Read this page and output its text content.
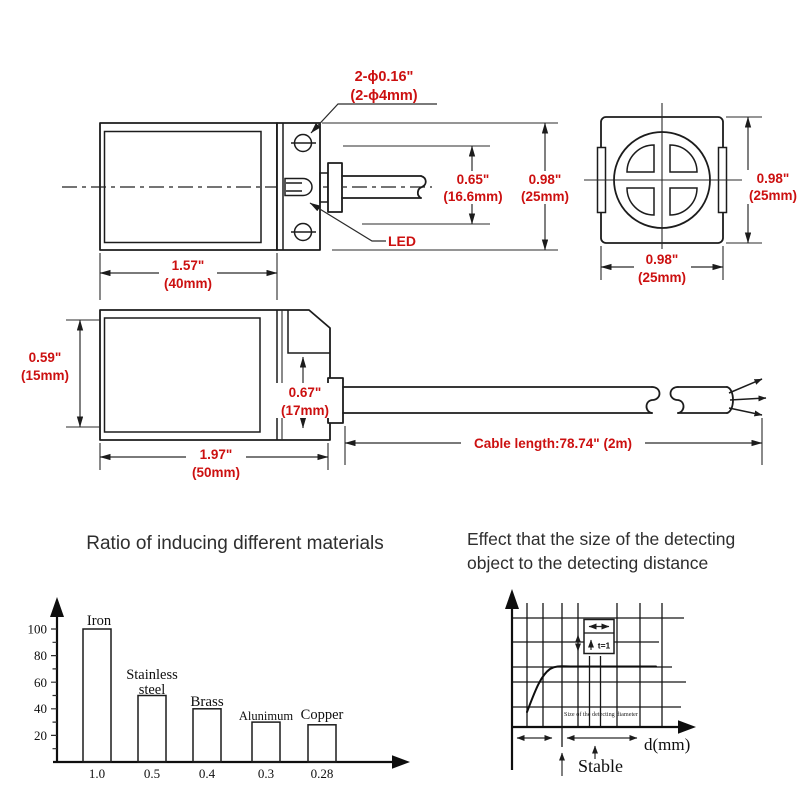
1.57"
(40mm)
0.65"
(16.6mm)
0.98"
(25mm)
2-ϕ0.16"
(2-ϕ4mm)
LED
0.98"
(25mm)
0.98"
(25mm)
0.59"
(15mm)
0.67"
(17mm)
1.97"
(50mm)
Cable length:78.74" (2m)
Ratio of inducing different materials
20
40
60
80
100	Iron
Stainless
steel
Brass
Alunimum Copper
1.0	0.5	0.4	0.3	0.28
Effect that the size of the detecting
object to the detecting distance
t=1
Size of the detecting diameter
d(mm)
Stable
